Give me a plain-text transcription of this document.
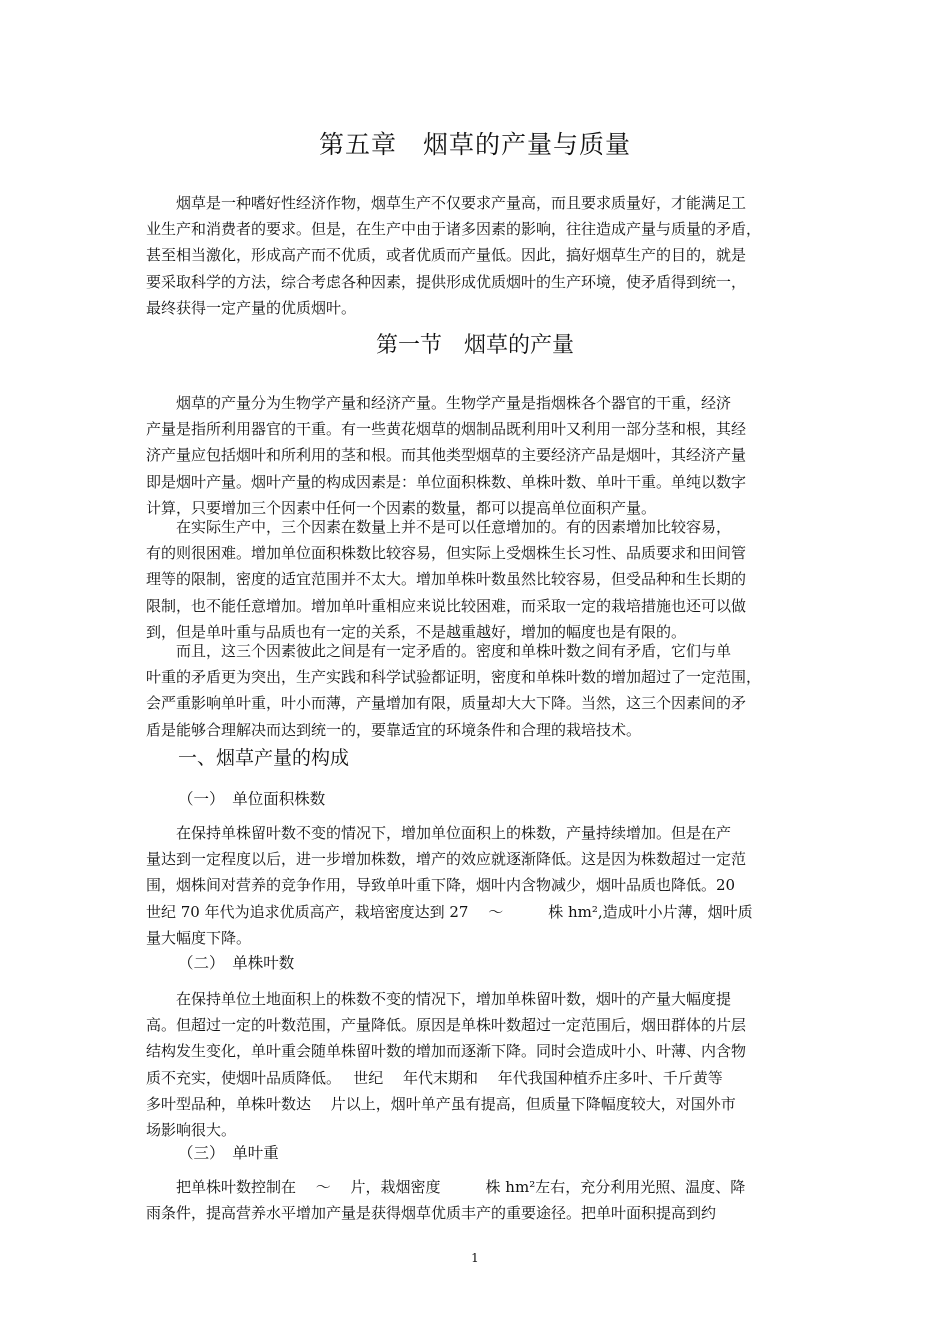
第五章　烟草的产量与质量
　　烟草是一种嗜好性经济作物，烟草生产不仅要求产量高，而且要求质量好，才能满足工
业生产和消费者的要求。但是，在生产中由于诸多因素的影响，往往造成产量与质量的矛盾，
甚至相当激化，形成高产而不优质，或者优质而产量低。因此，搞好烟草生产的目的，就是
要采取科学的方法，综合考虑各种因素，提供形成优质烟叶的生产环境，使矛盾得到统一，
最终获得一定产量的优质烟叶。
第一节　烟草的产量
　　烟草的产量分为生物学产量和经济产量。生物学产量是指烟株各个器官的干重，经济
产量是指所利用器官的干重。有一些黄花烟草的烟制品既利用叶又利用一部分茎和根，其经
济产量应包括烟叶和所利用的茎和根。而其他类型烟草的主要经济产品是烟叶，其经济产量
即是烟叶产量。烟叶产量的构成因素是：单位面积株数、单株叶数、单叶干重。单纯以数字
计算，只要增加三个因素中任何一个因素的数量，都可以提高单位面积产量。
　　在实际生产中，三个因素在数量上并不是可以任意增加的。有的因素增加比较容易，
有的则很困难。增加单位面积株数比较容易，但实际上受烟株生长习性、品质要求和田间管
理等的限制，密度的适宜范围并不太大。增加单株叶数虽然比较容易，但受品种和生长期的
限制，也不能任意增加。增加单叶重相应来说比较困难，而采取一定的栽培措施也还可以做
到，但是单叶重与品质也有一定的关系，不是越重越好，增加的幅度也是有限的。
　　而且，这三个因素彼此之间是有一定矛盾的。密度和单株叶数之间有矛盾，它们与单
叶重的矛盾更为突出，生产实践和科学试验都证明，密度和单株叶数的增加超过了一定范围，
会严重影响单叶重，叶小而薄，产量增加有限，质量却大大下降。当然，这三个因素间的矛
盾是能够合理解决而达到统一的，要靠适宜的环境条件和合理的栽培技术。
一、烟草产量的构成
（一）　单位面积株数
　　在保持单株留叶数不变的情况下，增加单位面积上的株数，产量持续增加。但是在产
量达到一定程度以后，进一步增加株数，增产的效应就逐渐降低。这是因为株数超过一定范
围，烟株间对营养的竞争作用，导致单叶重下降，烟叶内含物减少，烟叶品质也降低。20
世纪 70 年代为追求优质高产，栽培密度达到 27　 ～　　　株 hm²,造成叶小片薄，烟叶质
量大幅度下降。
（二）　单株叶数
　　在保持单位土地面积上的株数不变的情况下，增加单株留叶数，烟叶的产量大幅度提
高。但超过一定的叶数范围，产量降低。原因是单株叶数超过一定范围后，烟田群体的片层
结构发生变化，单叶重会随单株留叶数的增加而逐渐下降。同时会造成叶小、叶薄、内含物
质不充实，使烟叶品质降低。　 世纪　 年代末期和　 年代我国种植乔庄多叶、千斤黄等
多叶型品种，单株叶数达　 片以上，烟叶单产虽有提高，但质量下降幅度较大，对国外市
场影响很大。
（三）　单叶重
　　把单株叶数控制在　 ～　 片，栽烟密度　　　株 hm²左右，充分利用光照、温度、降
雨条件，提高营养水平增加产量是获得烟草优质丰产的重要途径。把单叶面积提高到约
1
